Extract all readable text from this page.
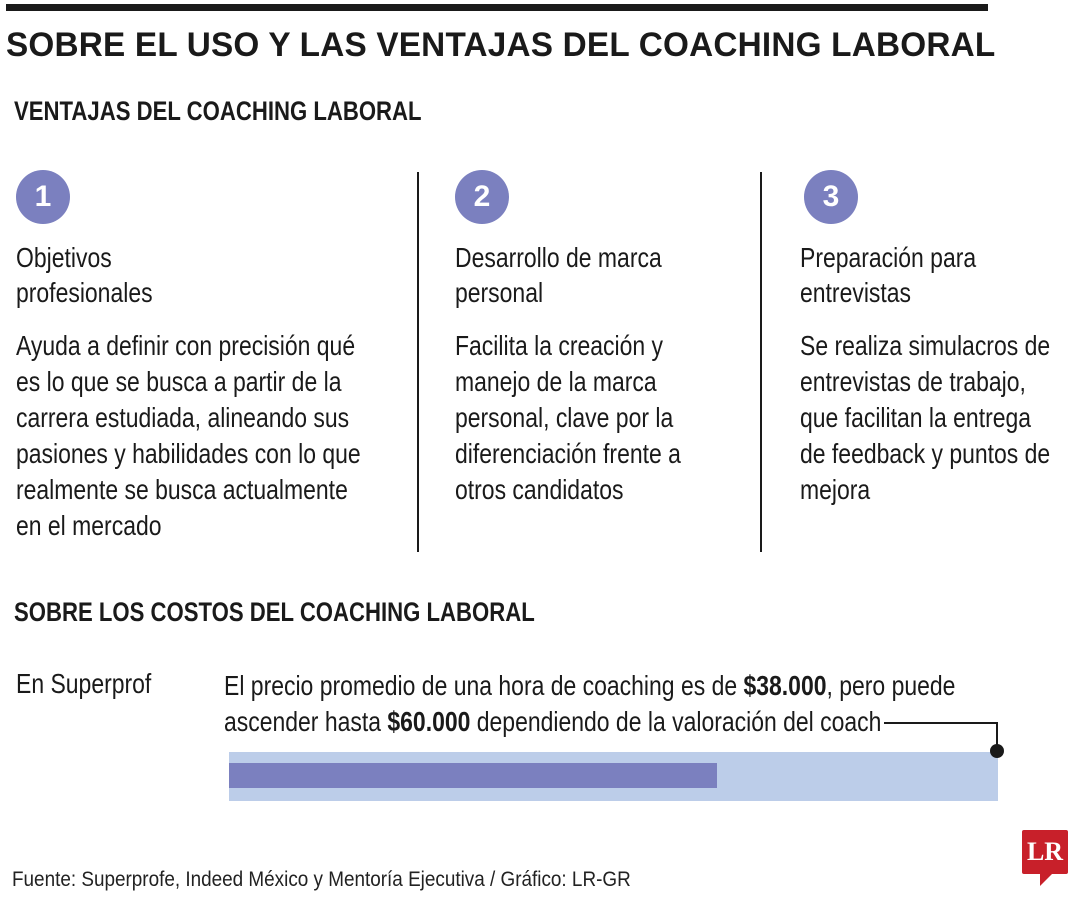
SOBRE EL USO Y LAS VENTAJAS DEL COACHING LABORAL
VENTAJAS DEL COACHING LABORAL
1
Objetivos
profesionales
Ayuda a definir con precisión qué
es lo que se busca a partir de la
carrera estudiada, alineando sus
pasiones y habilidades con lo que
realmente se busca actualmente
en el mercado
2
Desarrollo de marca
personal
Facilita la creación y
manejo de la marca
personal, clave por la
diferenciación frente a
otros candidatos
3
Preparación para
entrevistas
Se realiza simulacros de
entrevistas de trabajo,
que facilitan la entrega
de feedback y puntos de
mejora
SOBRE LOS COSTOS DEL COACHING LABORAL
En Superprof	El precio promedio de una hora de coaching es de $38.000, pero puede
ascender hasta $60.000 dependiendo de la valoración del coach
Fuente: Superprofe, Indeed México y Mentoría Ejecutiva / Gráfico: LR-GR
LR
